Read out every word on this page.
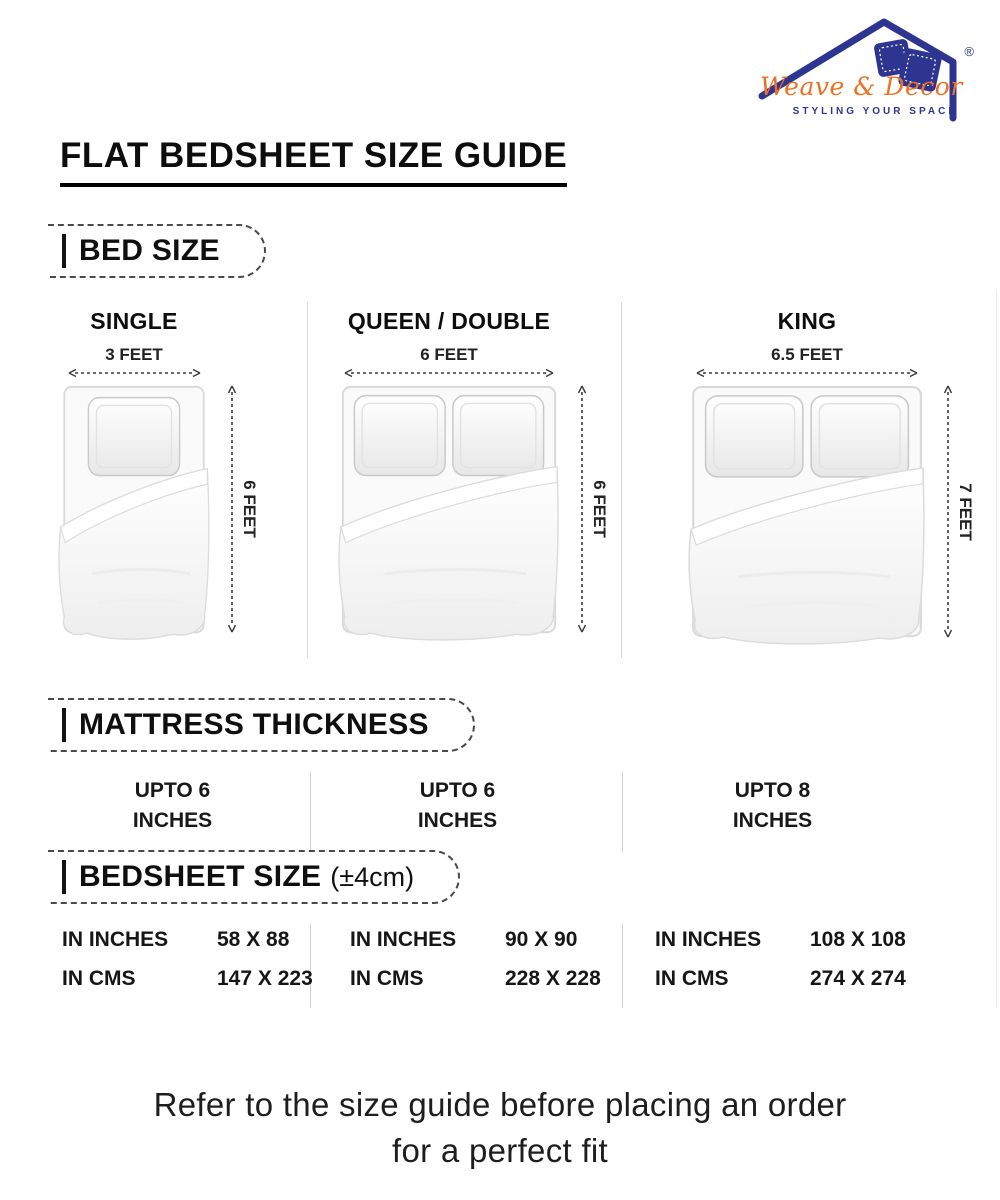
Weave & Decor
®
STYLING YOUR SPACE
FLAT BEDSHEET SIZE GUIDE
BED SIZE
SINGLE
3 FEET
6 FEET
QUEEN / DOUBLE
6 FEET
6 FEET
KING
6.5 FEET
7 FEET
MATTRESS THICKNESS
UPTO 6
INCHES
UPTO 6
INCHES
UPTO 8
INCHES
BEDSHEET SIZE (±4cm)
IN INCHES	58 X 88
IN CMS	147 X 223
IN INCHES	90 X 90
IN CMS	228 X 228
IN INCHES	108 X 108
IN CMS	274 X 274
Refer to the size guide before placing an order
for a perfect fit
